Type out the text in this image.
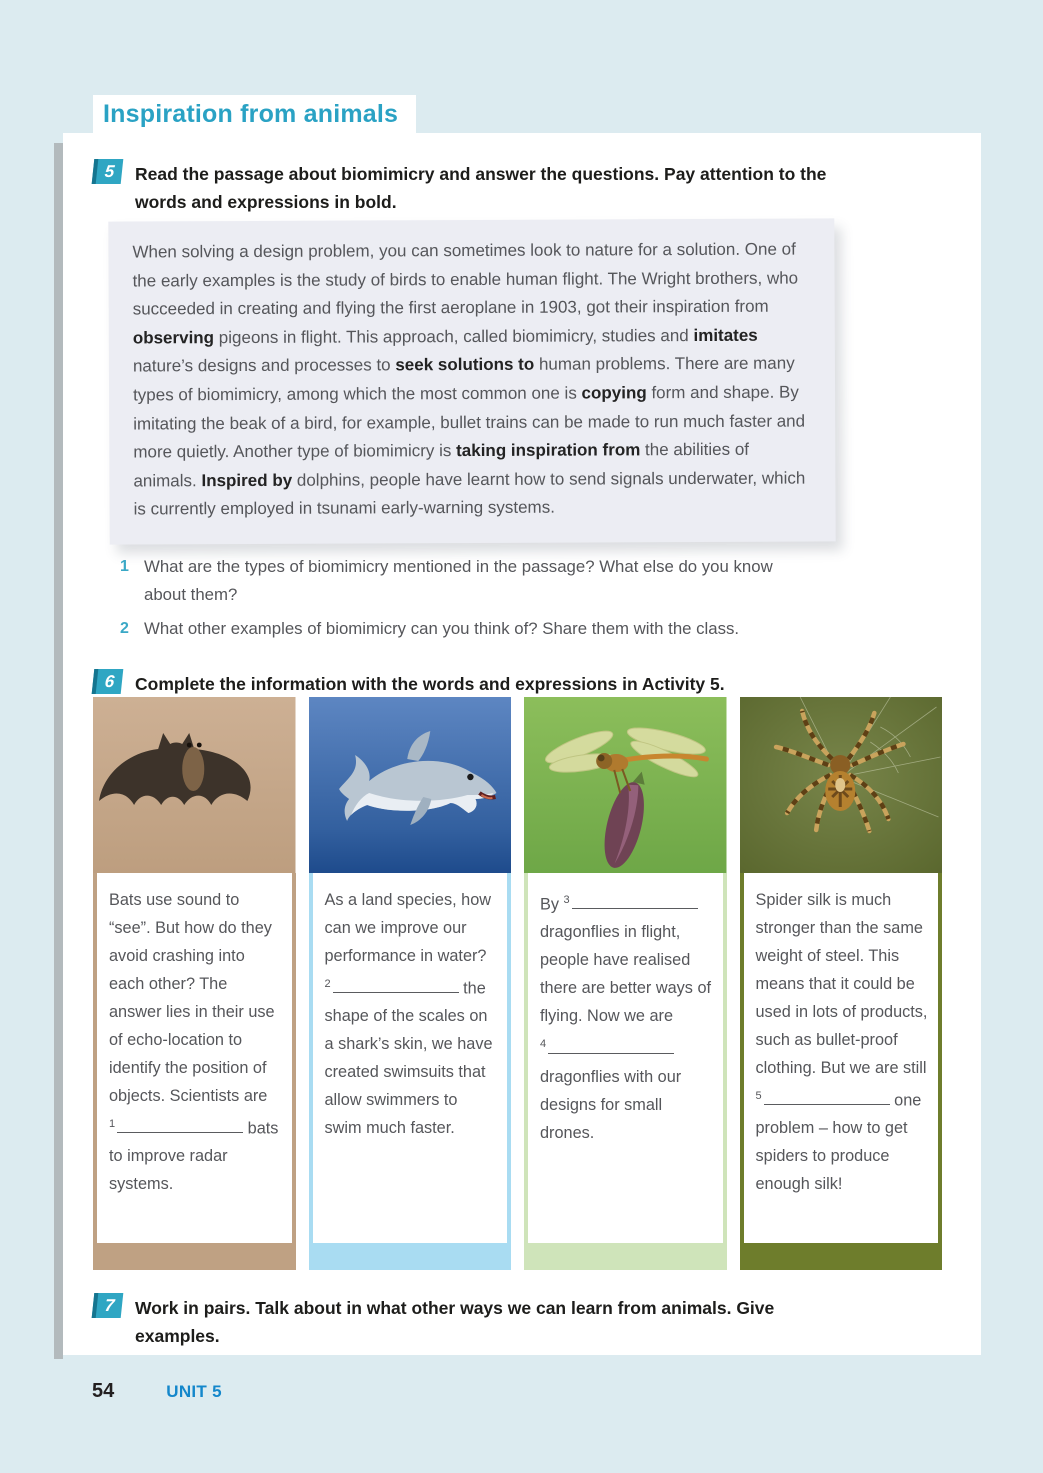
Inspiration from animals
5	Read the passage about biomimicry and answer the questions. Pay attention to the words and expressions in bold.
When solving a design problem, you can sometimes look to nature for a solution. One of the early examples is the study of birds to enable human flight. The Wright brothers, who succeeded in creating and flying the first aeroplane in 1903, got their inspiration from observing pigeons in flight. This approach, called biomimicry, studies and imitates nature’s designs and processes to seek solutions to human problems. There are many types of biomimicry, among which the most common one is copying form and shape. By imitating the beak of a bird, for example, bullet trains can be made to run much faster and more quietly. Another type of biomimicry is taking inspiration from the abilities of animals. Inspired by dolphins, people have learnt how to send signals underwater, which is currently employed in tsunami early-warning systems.
1 What are the types of biomimicry mentioned in the passage? What else do you know about them?
2 What other examples of biomimicry can you think of? Share them with the class.
6	Complete the information with the words and expressions in Activity 5.
Bats use sound to “see”. But how do they avoid crashing into each other? The answer lies in their use of echo-location to identify the position of objects. Scientists are $^1$	bats to improve radar systems.
As a land species, how can we improve our performance in water? $^2$	the shape of the scales on a shark’s skin, we have created swimsuits that allow swimmers to swim much faster.
By $^3$ dragonflies in flight, people have realised there are better ways of flying. Now we are $^4$ dragonflies with our designs for small drones.
Spider silk is much stronger than the same weight of steel. This means that it could be used in lots of products, such as bullet-proof clothing. But we are still $^5$	one problem – how to get spiders to produce enough silk!
7	Work in pairs. Talk about in what other ways we can learn from animals. Give examples.
54	UNIT 5
